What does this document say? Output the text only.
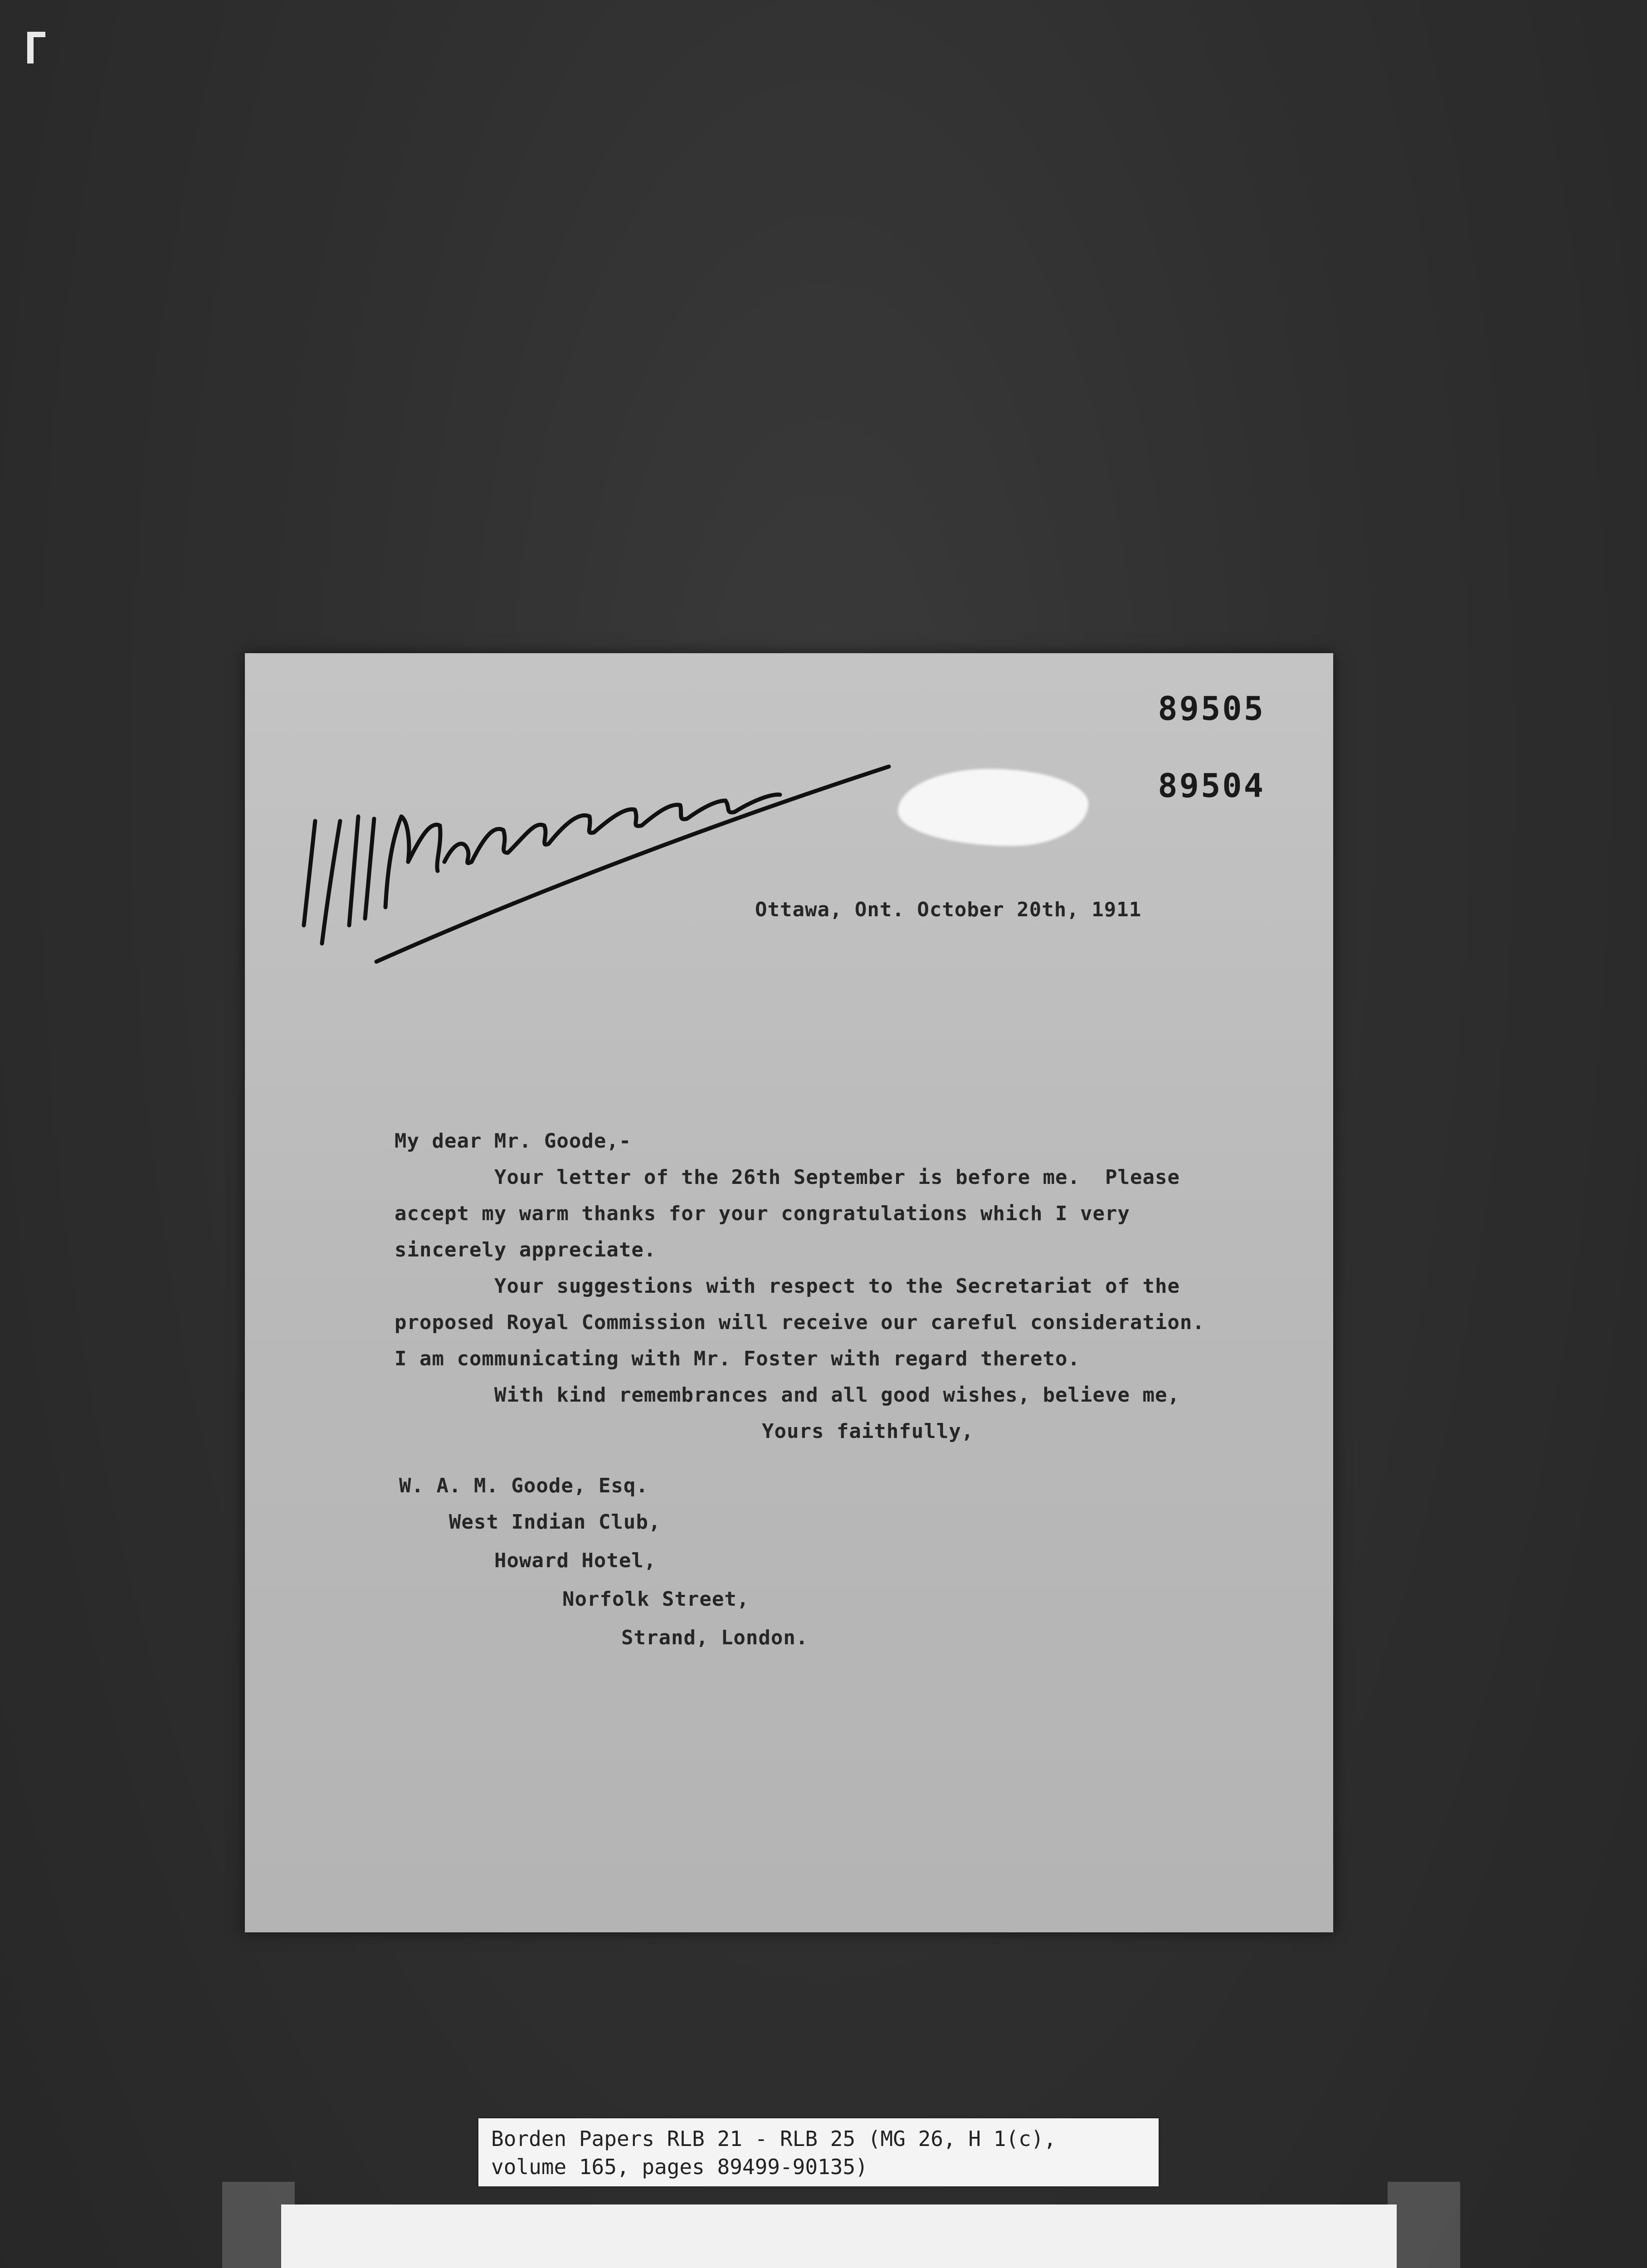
89505
89504
Ottawa, Ont. October 20th, 1911
My dear Mr. Goode,-
Your letter of the 26th September is before me.  Please
accept my warm thanks for your congratulations which I very
sincerely appreciate.
Your suggestions with respect to the Secretariat of the
proposed Royal Commission will receive our careful consideration.
I am communicating with Mr. Foster with regard thereto.
With kind remembrances and all good wishes, believe me,
Yours faithfully,
W. A. M. Goode, Esq.
West Indian Club,
Howard Hotel,
Norfolk Street,
Strand, London.
Borden Papers RLB 21 - RLB 25 (MG 26, H 1(c),
volume 165, pages 89499-90135)
